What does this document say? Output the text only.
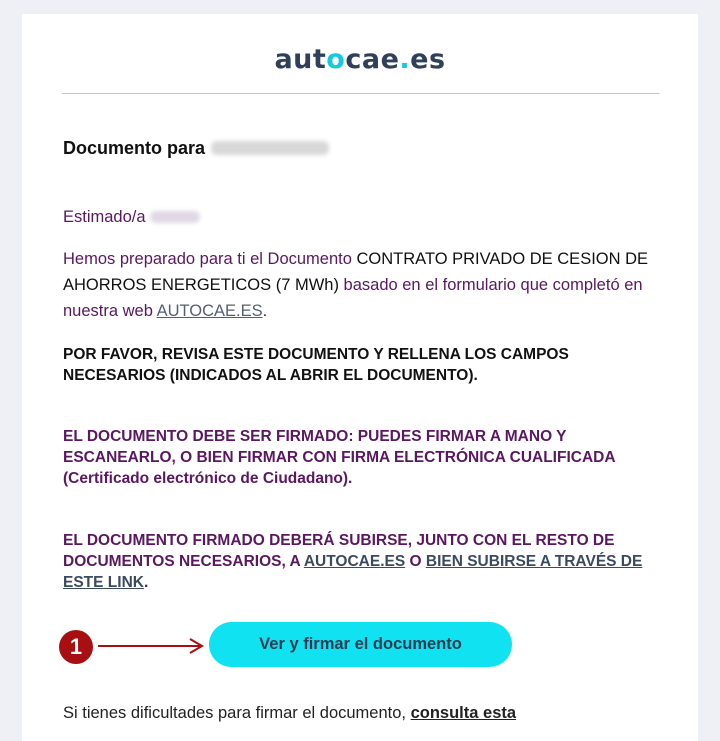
autocae.es
Documento para
Estimado/a
Hemos preparado para ti el Documento CONTRATO PRIVADO DE CESION DE AHORROS ENERGETICOS (7 MWh) basado en el formulario que completó en nuestra web AUTOCAE.ES.
POR FAVOR, REVISA ESTE DOCUMENTO Y RELLENA LOS CAMPOS NECESARIOS (INDICADOS AL ABRIR EL DOCUMENTO).
EL DOCUMENTO DEBE SER FIRMADO: PUEDES FIRMAR A MANO Y ESCANEARLO, O BIEN FIRMAR CON FIRMA ELECTRÓNICA CUALIFICADA (Certificado electrónico de Ciudadano).
EL DOCUMENTO FIRMADO DEBERÁ SUBIRSE, JUNTO CON EL RESTO DE DOCUMENTOS NECESARIOS, A AUTOCAE.ES O BIEN SUBIRSE A TRAVÉS DE ESTE LINK.
1	Ver y firmar el documento
Si tienes dificultades para firmar el documento, consulta esta
